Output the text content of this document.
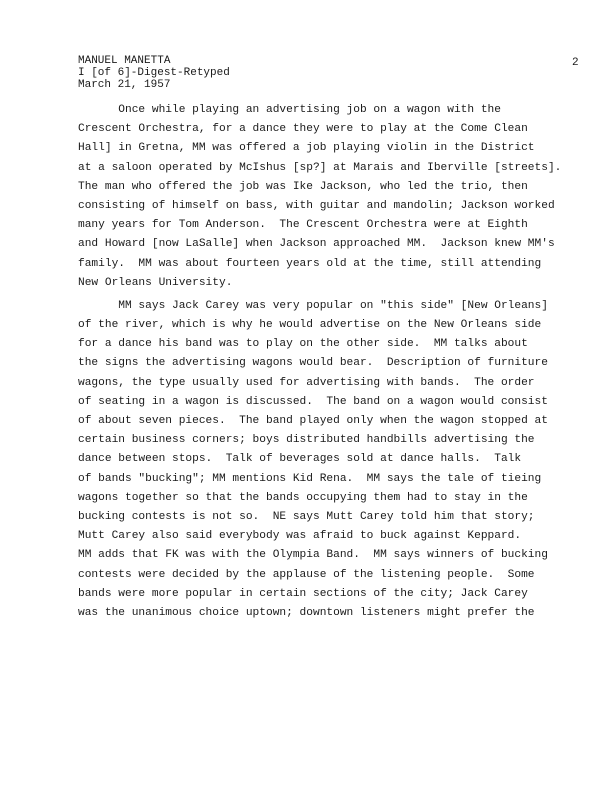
MANUEL MANETTA
I [of 6]-Digest-Retyped
March 21, 1957
2
Once while playing an advertising job on a wagon with the
Crescent Orchestra, for a dance they were to play at the Come Clean
Hall] in Gretna, MM was offered a job playing violin in the District
at a saloon operated by McIshus [sp?] at Marais and Iberville [streets].
The man who offered the job was Ike Jackson, who led the trio, then
consisting of himself on bass, with guitar and mandolin; Jackson worked
many years for Tom Anderson.  The Crescent Orchestra were at Eighth
and Howard [now LaSalle] when Jackson approached MM.  Jackson knew MM's
family.  MM was about fourteen years old at the time, still attending
New Orleans University.
MM says Jack Carey was very popular on "this side" [New Orleans]
of the river, which is why he would advertise on the New Orleans side
for a dance his band was to play on the other side.  MM talks about
the signs the advertising wagons would bear.  Description of furniture
wagons, the type usually used for advertising with bands.  The order
of seating in a wagon is discussed.  The band on a wagon would consist
of about seven pieces.  The band played only when the wagon stopped at
certain business corners; boys distributed handbills advertising the
dance between stops.  Talk of beverages sold at dance halls.  Talk
of bands "bucking"; MM mentions Kid Rena.  MM says the tale of tieing
wagons together so that the bands occupying them had to stay in the
bucking contests is not so.  NE says Mutt Carey told him that story;
Mutt Carey also said everybody was afraid to buck against Keppard.
MM adds that FK was with the Olympia Band.  MM says winners of bucking
contests were decided by the applause of the listening people.  Some
bands were more popular in certain sections of the city; Jack Carey
was the unanimous choice uptown; downtown listeners might prefer the
